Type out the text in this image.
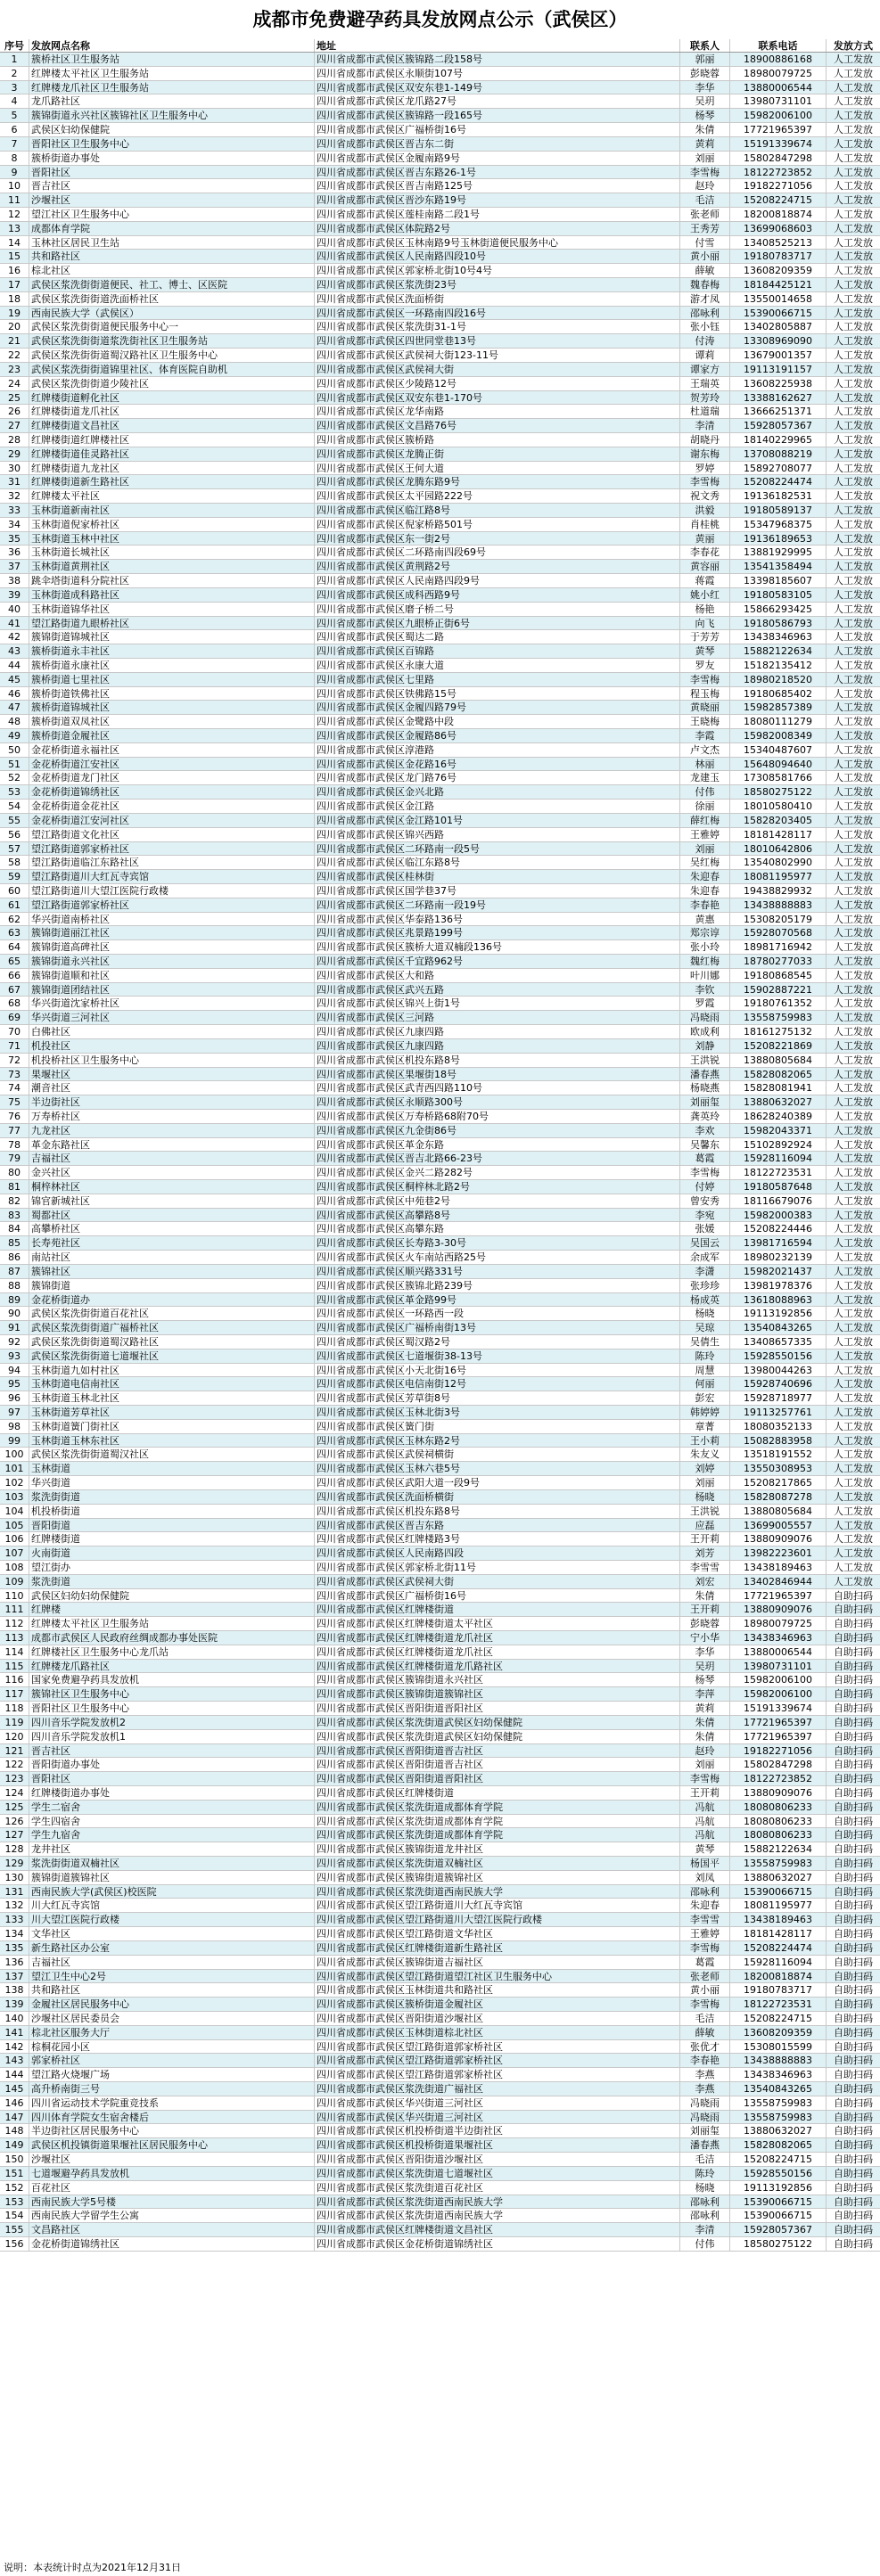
成都市免费避孕药具发放网点公示（武侯区）
序号 发放网点名称	地址	联系人	联系电话	发放方式
1	簇桥社区卫生服务站	四川省成都市武侯区簇锦路二段158号	郭丽	18900886168	人工发放
2	红牌楼太平社区卫生服务站	四川省成都市武侯区永顺街107号	彭晓蓉	18980079725	人工发放
3	红牌楼龙爪社区卫生服务站	四川省成都市武侯区双安东巷1-149号	李华	13880006544	人工发放
4	龙爪路社区	四川省成都市武侯区龙爪路27号	吴玥	13980731101	人工发放
5	簇锦街道永兴社区簇锦社区卫生服务中心	四川省成都市武侯区簇锦路一段165号	杨琴	15982006100	人工发放
6	武侯区妇幼保健院	四川省成都市武侯区广福桥街16号	朱倩	17721965397	人工发放
7	晋阳社区卫生服务中心	四川省成都市武侯区晋吉东二街	黄莉	15191339674	人工发放
8	簇桥街道办事处	四川省成都市武侯区金履南路9号	刘丽	15802847298	人工发放
9	晋阳社区	四川省成都市武侯区晋吉东路26-1号	李雪梅	18122723852	人工发放
10	晋吉社区	四川省成都市武侯区晋吉南路125号	赵玲	19182271056	人工发放
11	沙堰社区	四川省成都市武侯区晋沙东路19号	毛洁	15208224715	人工发放
12	望江社区卫生服务中心	四川省成都市武侯区莲桂南路二段1号	张老师	18200818874	人工发放
13	成都体育学院	四川省成都市武侯区体院路2号	王秀芳	13699068603	人工发放
14	玉林社区居民卫生站	四川省成都市武侯区玉林南路9号玉林街道便民服务中心	付雪	13408525213	人工发放
15	共和路社区	四川省成都市武侯区人民南路四段10号	黄小丽	19180783717	人工发放
16	棕北社区	四川省成都市武侯区郭家桥北街10号4号	薛敏	13608209359	人工发放
17	武侯区浆洗街街道便民、社工、博士、区医院	四川省成都市武侯区浆洗街23号	魏春梅	18184425121	人工发放
18	武侯区浆洗街街道洗面桥社区	四川省成都市武侯区洗面桥街	游才凤	13550014658	人工发放
19	西南民族大学（武侯区）	四川省成都市武侯区一环路南四段16号	邵咏利	15390066715	人工发放
20	武侯区浆洗街街道便民服务中心一	四川省成都市武侯区浆洗街31-1号	张小钰	13402805887	人工发放
21	武侯区浆洗街街道浆洗街社区卫生服务站	四川省成都市武侯区四世同堂巷13号	付涛	13308969090	人工发放
22	武侯区浆洗街街道蜀汉路社区卫生服务中心	四川省成都市武侯区武侯祠大街123-11号	谭莉	13679001357	人工发放
23	武侯区浆洗街街道锦里社区、体育医院自助机	四川省成都市武侯区武侯祠大街	谭家方	19113191157	人工发放
24	武侯区浆洗街街道少陵社区	四川省成都市武侯区少陵路12号	王瑞英	13608225938	人工发放
25	红牌楼街道孵化社区	四川省成都市武侯区双安东巷1-170号	贺芳玲	13388162627	人工发放
26	红牌楼街道龙爪社区	四川省成都市武侯区龙华南路	杜道瑞	13666251371	人工发放
27	红牌楼街道文昌社区	四川省成都市武侯区文昌路76号	李清	15928057367	人工发放
28	红牌楼街道红牌楼社区	四川省成都市武侯区簇桥路	胡晓丹	18140229965	人工发放
29	红牌楼街道佳灵路社区	四川省成都市武侯区龙腾正街	谢东梅	13708088219	人工发放
30	红牌楼街道九龙社区	四川省成都市武侯区王何大道	罗婷	15892708077	人工发放
31	红牌楼街道新生路社区	四川省成都市武侯区龙腾东路9号	李雪梅	15208224474	人工发放
32	红牌楼太平社区	四川省成都市武侯区太平园路222号	祝文秀	19136182531	人工发放
33	玉林街道新南社区	四川省成都市武侯区临江路8号	洪毅	19180589137	人工发放
34	玉林街道倪家桥社区	四川省成都市武侯区倪家桥路501号	肖桂桃	15347968375	人工发放
35	玉林街道玉林中社区	四川省成都市武侯区东一街2号	黄丽	19136189653	人工发放
36	玉林街道长城社区	四川省成都市武侯区二环路南四段69号	李春花	13881929995	人工发放
37	玉林街道黄荆社区	四川省成都市武侯区黄荆路2号	黄容丽	13541358494	人工发放
38	跳伞塔街道科分院社区	四川省成都市武侯区人民南路四段9号	蒋霞	13398185607	人工发放
39	玉林街道成科路社区	四川省成都市武侯区成科西路9号	姚小红	19180583105	人工发放
40	玉林街道锦华社区	四川省成都市武侯区磨子桥二号	杨艳	15866293425	人工发放
41	望江路街道九眼桥社区	四川省成都市武侯区九眼桥正街6号	向飞	19180586793	人工发放
42	簇锦街道锦城社区	四川省成都市武侯区蜀达二路	于芳芳	13438346963	人工发放
43	簇桥街道永丰社区	四川省成都市武侯区百锦路	黄琴	15882122634	人工发放
44	簇桥街道永康社区	四川省成都市武侯区永康大道	罗友	15182135412	人工发放
45	簇桥街道七里社区	四川省成都市武侯区七里路	李雪梅	18980218520	人工发放
46	簇桥街道铁佛社区	四川省成都市武侯区铁佛路15号	程玉梅	19180685402	人工发放
47	簇桥街道锦城社区	四川省成都市武侯区金履四路79号	黄晓丽	15982857389	人工发放
48	簇桥街道双凤社区	四川省成都市武侯区金鹭路中段	王晓梅	18080111279	人工发放
49	簇桥街道金履社区	四川省成都市武侯区金履路86号	李霞	15982008349	人工发放
50	金花桥街道永福社区	四川省成都市武侯区淳港路	卢文杰	15340487607	人工发放
51	金花桥街道江安社区	四川省成都市武侯区金花路16号	林丽	15648094640	人工发放
52	金花桥街道龙门社区	四川省成都市武侯区龙门路76号	龙建玉	17308581766	人工发放
53	金花桥街道锦绣社区	四川省成都市武侯区金兴北路	付伟	18580275122	人工发放
54	金花桥街道金花社区	四川省成都市武侯区金江路	徐丽	18010580410	人工发放
55	金花桥街道江安河社区	四川省成都市武侯区金江路101号	薛红梅	15828203405	人工发放
56	望江路街道文化社区	四川省成都市武侯区锦兴西路	王雅婷	18181428117	人工发放
57	望江路街道郭家桥社区	四川省成都市武侯区二环路南一段5号	刘丽	18010642806	人工发放
58	望江路街道临江东路社区	四川省成都市武侯区临江东路8号	吴红梅	13540802990	人工发放
59	望江路街道川大红瓦寺宾馆	四川省成都市武侯区桂林街	朱迎春	18081195977	人工发放
60	望江路街道川大望江医院行政楼	四川省成都市武侯区国学巷37号	朱迎春	19438829932	人工发放
61	望江路街道郭家桥社区	四川省成都市武侯区二环路南一段19号	李春艳	13438888883	人工发放
62	华兴街道南桥社区	四川省成都市武侯区华泰路136号	黄惠	15308205179	人工发放
63	簇锦街道丽江社区	四川省成都市武侯区兆景路199号	郑宗谆	15928070568	人工发放
64	簇锦街道高碑社区	四川省成都市武侯区簇桥大道双楠段136号	张小玲	18981716942	人工发放
65	簇锦街道永兴社区	四川省成都市武侯区千宜路962号	魏红梅	18780277033	人工发放
66	簇锦街道顺和社区	四川省成都市武侯区大和路	叶川娜	19180868545	人工发放
67	簇锦街道团结社区	四川省成都市武侯区武兴五路	李钦	15902887221	人工发放
68	华兴街道沈家桥社区	四川省成都市武侯区锦兴上街1号	罗霞	19180761352	人工发放
69	华兴街道三河社区	四川省成都市武侯区三河路	冯晓雨	13558759983	人工发放
70	白佛社区	四川省成都市武侯区九康四路	欧成利	18161275132	人工发放
71	机投社区	四川省成都市武侯区九康四路	刘静	15208221869	人工发放
72	机投桥社区卫生服务中心	四川省成都市武侯区机投东路8号	王洪锐	13880805684	人工发放
73	果堰社区	四川省成都市武侯区果堰街18号	潘春燕	15828082065	人工发放
74	潮音社区	四川省成都市武侯区武青西四路110号	杨晓燕	15828081941	人工发放
75	半边街社区	四川省成都市武侯区永顺路300号	刘丽玺	13880632027	人工发放
76	万寿桥社区	四川省成都市武侯区万寿桥路68附70号	龚英玲	18628240389	人工发放
77	九龙社区	四川省成都市武侯区九金街86号	李欢	15982043371	人工发放
78	革金东路社区	四川省成都市武侯区革金东路	吴馨东	15102892924	人工发放
79	吉福社区	四川省成都市武侯区晋吉北路66-23号	葛霞	15928116094	人工发放
80	金兴社区	四川省成都市武侯区金兴二路282号	李雪梅	18122723531	人工发放
81	桐梓林社区	四川省成都市武侯区桐梓林北路2号	付婷	19180587648	人工发放
82	锦官新城社区	四川省成都市武侯区中苑巷2号	曾安秀	18116679076	人工发放
83	蜀都社区	四川省成都市武侯区高攀路8号	李宛	15982000383	人工发放
84	高攀桥社区	四川省成都市武侯区高攀东路	张媛	15208224446	人工发放
85	长寿苑社区	四川省成都市武侯区长寿路3-30号	吴国云	13981716594	人工发放
86	南站社区	四川省成都市武侯区火车南站西路25号	余成军	18980232139	人工发放
87	簇锦社区	四川省成都市武侯区顺兴路331号	李潇	15982021437	人工发放
88	簇锦街道	四川省成都市武侯区簇锦北路239号	张珍珍	13981978376	人工发放
89	金花桥街道办	四川省成都市武侯区革金路99号	杨成英	13618088963	人工发放
90	武侯区浆洗街街道百花社区	四川省成都市武侯区一环路西一段	杨晓	19113192856	人工发放
91	武侯区浆洗街街道广福桥社区	四川省成都市武侯区广福桥南街13号	吴琼	13540843265	人工发放
92	武侯区浆洗街街道蜀汉路社区	四川省成都市武侯区蜀汉路2号	吴倩生	13408657335	人工发放
93	武侯区浆洗街街道七道堰社区	四川省成都市武侯区七道堰街38-13号	陈玲	15928550156	人工发放
94	玉林街道九如村社区	四川省成都市武侯区小天北街16号	周慧	13980044263	人工发放
95	玉林街道电信南社区	四川省成都市武侯区电信南街12号	何丽	15928740696	人工发放
96	玉林街道玉林北社区	四川省成都市武侯区芳草街8号	彭宏	15928718977	人工发放
97	玉林街道芳草社区	四川省成都市武侯区玉林北街3号	韩婷婷	19113257761	人工发放
98	玉林街道簧门街社区	四川省成都市武侯区簧门街	章菁	18080352133	人工发放
99	玉林街道玉林东社区	四川省成都市武侯区玉林东路2号	王小莉	15082883958	人工发放
100 武侯区浆洗街街道蜀汉社区	四川省成都市武侯区武侯祠横街	朱友义	13518191552	人工发放
101 玉林街道	四川省成都市武侯区玉林六巷5号	刘婷	13550308953	人工发放
102 华兴街道	四川省成都市武侯区武阳大道一段9号	刘丽	15208217865	人工发放
103 浆洗街街道	四川省成都市武侯区洗面桥横街	杨晓	15828087278	人工发放
104 机投桥街道	四川省成都市武侯区机投东路8号	王洪锐	13880805684	人工发放
105 晋阳街道	四川省成都市武侯区晋吉东路	应磊	13699005557	人工发放
106 红牌楼街道	四川省成都市武侯区红牌楼路3号	王开莉	13880909076	人工发放
107 火南街道	四川省成都市武侯区人民南路四段	刘芳	13982223601	人工发放
108 望江街办	四川省成都市武侯区郭家桥北街11号	李雪雪	13438189463	人工发放
109 浆洗街道	四川省成都市武侯区武侯祠大街	刘宏	13402846944	人工发放
110 武侯区妇幼妇幼保健院	四川省成都市武侯区广福桥街16号	朱倩	17721965397	自助扫码
111 红牌楼	四川省成都市武侯区红牌楼街道	王开莉	13880909076	自助扫码
112 红牌楼太平社区卫生服务站	四川省成都市武侯区红牌楼街道太平社区	彭晓蓉	18980079725	自助扫码
113 成都市武侯区人民政府丝绸成都办事处医院	四川省成都市武侯区红牌楼街道龙爪社区	宁小华	13438346963	自助扫码
114 红牌楼社区卫生服务中心龙爪站	四川省成都市武侯区红牌楼街道龙爪社区	李华	13880006544	自助扫码
115 红牌楼龙爪路社区	四川省成都市武侯区红牌楼街道龙爪路社区	吴玥	13980731101	自助扫码
116 国家免费避孕药具发放机	四川省成都市武侯区簇锦街道永兴社区	杨琴	15982006100	自助扫码
117 簇锦社区卫生服务中心	四川省成都市武侯区簇锦街道簇锦社区	李萍	15982006100	自助扫码
118 晋阳社区卫生服务中心	四川省成都市武侯区晋阳街道晋阳社区	黄莉	15191339674	自助扫码
119 四川音乐学院发放机2	四川省成都市武侯区浆洗街道武侯区妇幼保健院	朱倩	17721965397	自助扫码
120 四川音乐学院发放机1	四川省成都市武侯区浆洗街道武侯区妇幼保健院	朱倩	17721965397	自助扫码
121 晋吉社区	四川省成都市武侯区晋阳街道晋吉社区	赵玲	19182271056	自助扫码
122 晋阳街道办事处	四川省成都市武侯区晋阳街道晋吉社区	刘丽	15802847298	自助扫码
123 晋阳社区	四川省成都市武侯区晋阳街道晋阳社区	李雪梅	18122723852	自助扫码
124 红牌楼街道办事处	四川省成都市武侯区红牌楼街道	王开莉	13880909076	自助扫码
125 学生二宿舍	四川省成都市武侯区浆洗街道成都体育学院	冯航	18080806233	自助扫码
126 学生四宿舍	四川省成都市武侯区浆洗街道成都体育学院	冯航	18080806233	自助扫码
127 学生九宿舍	四川省成都市武侯区浆洗街道成都体育学院	冯航	18080806233	自助扫码
128 龙井社区	四川省成都市武侯区簇锦街道龙井社区	黄琴	15882122634	自助扫码
129 浆洗街街道双楠社区	四川省成都市武侯区浆洗街道双楠社区	杨国平	13558759983	自助扫码
130 簇锦街道簇锦社区	四川省成都市武侯区簇锦街道簇锦社区	刘凤	13880632027	自助扫码
131 西南民族大学(武侯区)校医院	四川省成都市武侯区浆洗街道西南民族大学	邵咏利	15390066715	自助扫码
132 川大红瓦寺宾馆	四川省成都市武侯区望江路街道川大红瓦寺宾馆	朱迎春	18081195977	自助扫码
133 川大望江医院行政楼	四川省成都市武侯区望江路街道川大望江医院行政楼	李雪雪	13438189463	自助扫码
134 文华社区	四川省成都市武侯区望江路街道文华社区	王雅婷	18181428117	自助扫码
135 新生路社区办公室	四川省成都市武侯区红牌楼街道新生路社区	李雪梅	15208224474	自助扫码
136 吉福社区	四川省成都市武侯区簇锦街道吉福社区	葛霞	15928116094	自助扫码
137 望江卫生中心2号	四川省成都市武侯区望江路街道望江社区卫生服务中心	张老师	18200818874	自助扫码
138 共和路社区	四川省成都市武侯区玉林街道共和路社区	黄小丽	19180783717	自助扫码
139 金履社区居民服务中心	四川省成都市武侯区簇桥街道金履社区	李雪梅	18122723531	自助扫码
140 沙堰社区居民委员会	四川省成都市武侯区晋阳街道沙堰社区	毛洁	15208224715	自助扫码
141 棕北社区服务大厅	四川省成都市武侯区玉林街道棕北社区	薛敏	13608209359	自助扫码
142 棕桐花园小区	四川省成都市武侯区望江路街道郭家桥社区	张优才	15308015599	自助扫码
143 郭家桥社区	四川省成都市武侯区望江路街道郭家桥社区	李春艳	13438888883	自助扫码
144 望江路火烧堰广场	四川省成都市武侯区望江路街道郭家桥社区	李燕	13438346963	自助扫码
145 高升桥南街三号	四川省成都市武侯区浆洗街道广福社区	李燕	13540843265	自助扫码
146 四川省运动技术学院重竞技系	四川省成都市武侯区华兴街道三河社区	冯晓雨	13558759983	自助扫码
147 四川体育学院女生宿舍楼后	四川省成都市武侯区华兴街道三河社区	冯晓雨	13558759983	自助扫码
148 半边街社区居民服务中心	四川省成都市武侯区机投桥街道半边街社区	刘丽玺	13880632027	自助扫码
149 武侯区机投镇街道果堰社区居民服务中心	四川省成都市武侯区机投桥街道果堰社区	潘春燕	15828082065	自助扫码
150 沙堰社区	四川省成都市武侯区晋阳街道沙堰社区	毛洁	15208224715	自助扫码
151 七道堰避孕药具发放机	四川省成都市武侯区浆洗街道七道堰社区	陈玲	15928550156	自助扫码
152 百花社区	四川省成都市武侯区浆洗街道百花社区	杨晓	19113192856	自助扫码
153 西南民族大学5号楼	四川省成都市武侯区浆洗街道西南民族大学	邵咏利	15390066715	自助扫码
154 西南民族大学留学生公寓	四川省成都市武侯区浆洗街道西南民族大学	邵咏利	15390066715	自助扫码
155 文昌路社区	四川省成都市武侯区红牌楼街道文昌社区	李清	15928057367	自助扫码
156 金花桥街道锦绣社区	四川省成都市武侯区金花桥街道锦绣社区	付伟	18580275122	自助扫码
说明：本表统计时点为2021年12月31日
